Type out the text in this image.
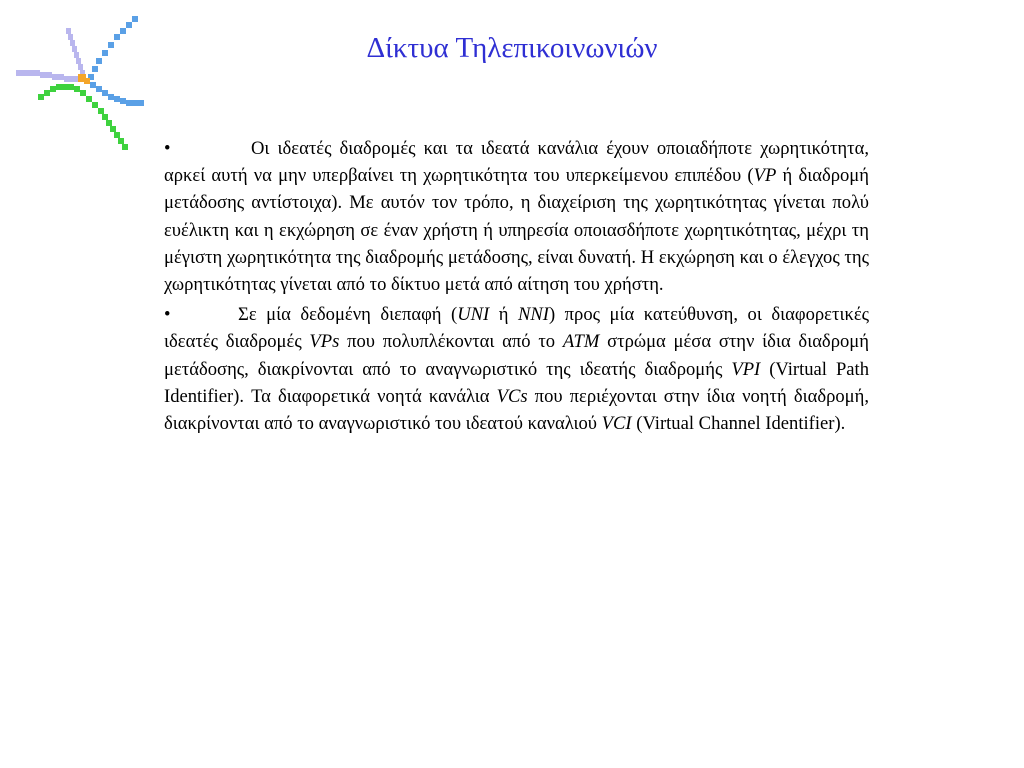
Δίκτυα Τηλεπικοινωνιών

•	Οι ιδεατές διαδρομές και τα ιδεατά κανάλια έχουν οποιαδήποτε χωρητικότητα, αρκεί αυτή να μην υπερβαίνει τη χωρητικότητα του υπερκείμενου επιπέδου (VP ή διαδρομή μετάδοσης αντίστοιχα). Με αυτόν τον τρόπο, η διαχείριση της χωρητικότητας γίνεται πολύ ευέλικτη και η εκχώρηση σε έναν χρήστη ή υπηρεσία οποιασδήποτε χωρητικότητας, μέχρι τη μέγιστη χωρητικότητα της διαδρομής μετάδοσης, είναι δυνατή. Η εκχώρηση και ο έλεγχος της χωρητικότητας γίνεται από το δίκτυο μετά από αίτηση του χρήστη.

•	Σε μία δεδομένη διεπαφή (UNI ή NNI) προς μία κατεύθυνση, οι διαφορετικές ιδεατές διαδρομές VPs που πολυπλέκονται από το ATM στρώμα μέσα στην ίδια διαδρομή μετάδοσης, διακρίνονται από το αναγνωριστικό της ιδεατής διαδρομής VPI (Virtual Path Identifier). Τα διαφορετικά νοητά κανάλια VCs που περιέχονται στην ίδια νοητή διαδρομή, διακρίνονται από το αναγνωριστικό του ιδεατού καναλιού VCI (Virtual Channel Identifier).
